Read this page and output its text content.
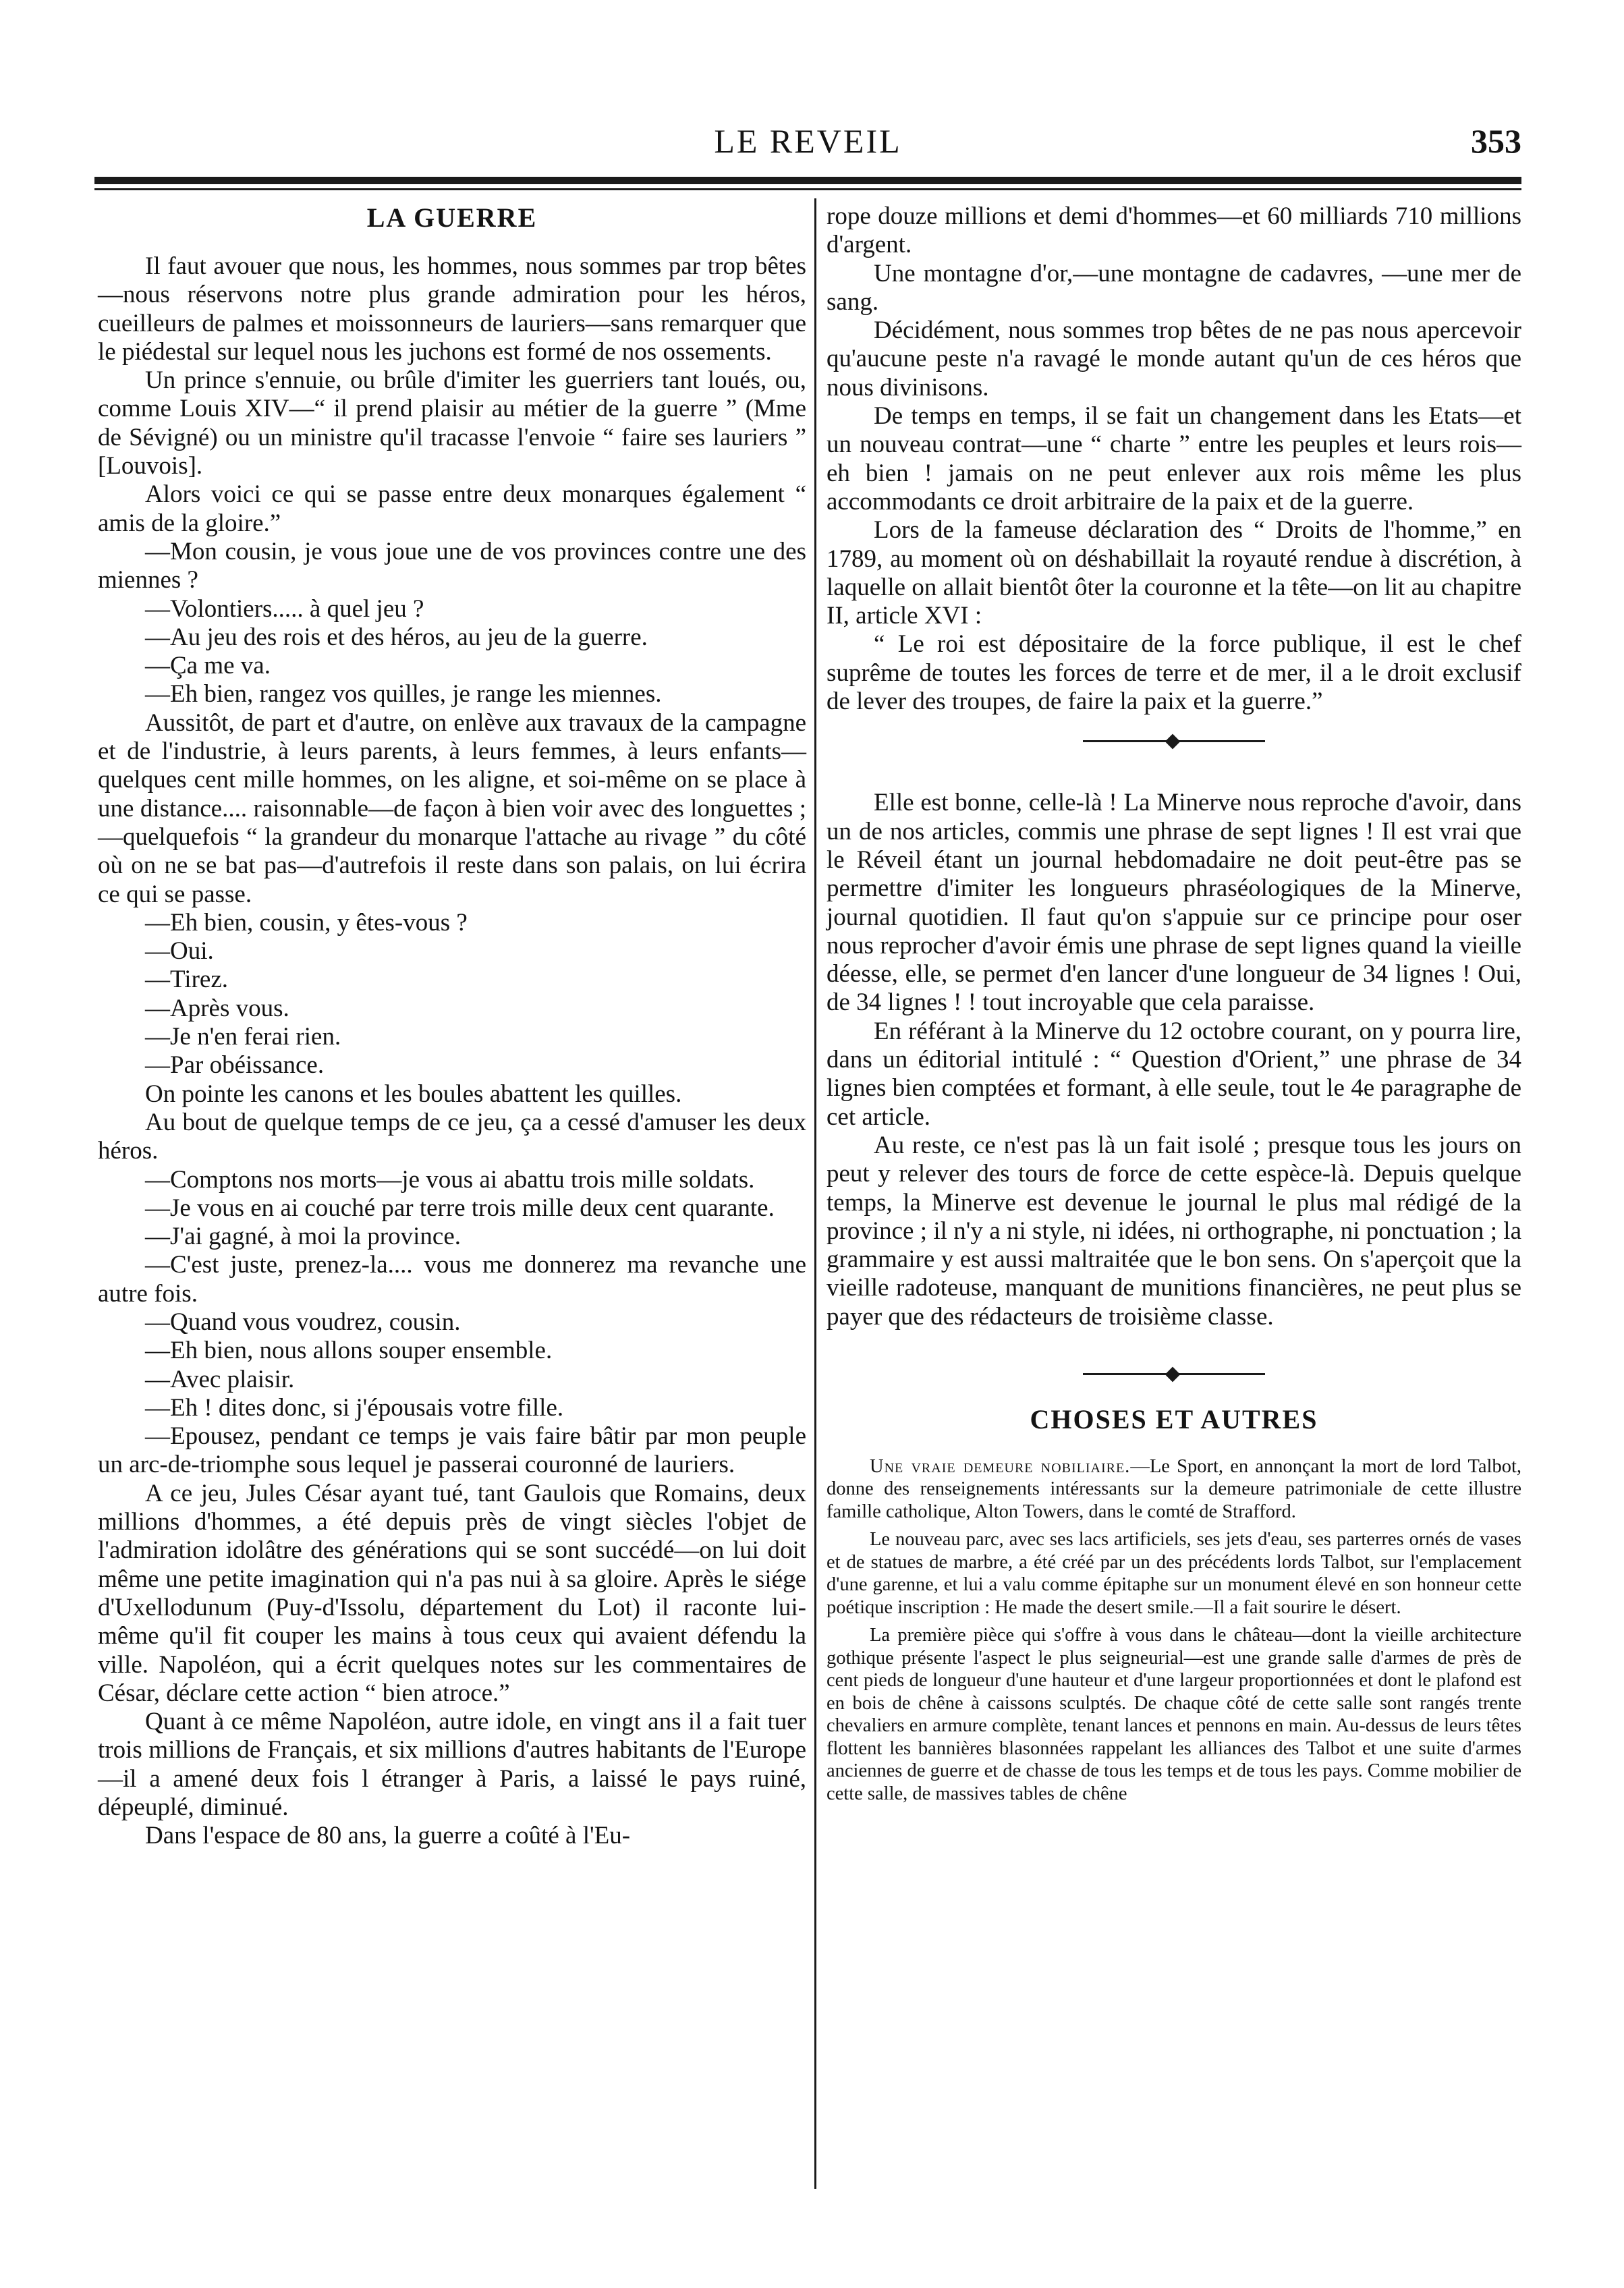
LE REVEIL	353
LA GUERRE

Il faut avouer que nous, les hommes, nous sommes par trop bêtes—nous réservons notre plus grande admiration pour les héros, cueilleurs de palmes et moissonneurs de lauriers—sans remarquer que le piédestal sur lequel nous les juchons est formé de nos ossements.

Un prince s'ennuie, ou brûle d'imiter les guerriers tant loués, ou, comme Louis XIV—“ il prend plaisir au métier de la guerre ” (Mme de Sévigné) ou un ministre qu'il tracasse l'envoie “ faire ses lauriers ” [Louvois].

Alors voici ce qui se passe entre deux monarques également “ amis de la gloire.”

—Mon cousin, je vous joue une de vos provinces contre une des miennes ?

—Volontiers..... à quel jeu ?

—Au jeu des rois et des héros, au jeu de la guerre.

—Ça me va.

—Eh bien, rangez vos quilles, je range les miennes.

Aussitôt, de part et d'autre, on enlève aux travaux de la campagne et de l'industrie, à leurs parents, à leurs femmes, à leurs enfants—quelques cent mille hommes, on les aligne, et soi-même on se place à une distance.... raisonnable—de façon à bien voir avec des longuettes ;—quelquefois “ la grandeur du monarque l'attache au rivage ” du côté où on ne se bat pas—d'autrefois il reste dans son palais, on lui écrira ce qui se passe.

—Eh bien, cousin, y êtes-vous ?

—Oui.

—Tirez.

—Après vous.

—Je n'en ferai rien.

—Par obéissance.

On pointe les canons et les boules abattent les quilles.

Au bout de quelque temps de ce jeu, ça a cessé d'amuser les deux héros.

—Comptons nos morts—je vous ai abattu trois mille soldats.

—Je vous en ai couché par terre trois mille deux cent quarante.

—J'ai gagné, à moi la province.

—C'est juste, prenez-la.... vous me donnerez ma revanche une autre fois.

—Quand vous voudrez, cousin.

—Eh bien, nous allons souper ensemble.

—Avec plaisir.

—Eh ! dites donc, si j'épousais votre fille.

—Epousez, pendant ce temps je vais faire bâtir par mon peuple un arc-de-triomphe sous lequel je passerai couronné de lauriers.

A ce jeu, Jules César ayant tué, tant Gaulois que Romains, deux millions d'hommes, a été depuis près de vingt siècles l'objet de l'admiration idolâtre des générations qui se sont succédé—on lui doit même une petite imagination qui n'a pas nui à sa gloire. Après le siége d'Uxellodunum (Puy-d'Issolu, département du Lot) il raconte lui-même qu'il fit couper les mains à tous ceux qui avaient défendu la ville. Napoléon, qui a écrit quelques notes sur les commentaires de César, déclare cette action “ bien atroce.”

Quant à ce même Napoléon, autre idole, en vingt ans il a fait tuer trois millions de Français, et six millions d'autres habitants de l'Europe—il a amené deux fois l étranger à Paris, a laissé le pays ruiné, dépeuplé, diminué.

Dans l'espace de 80 ans, la guerre a coûté à l'Eu-

rope douze millions et demi d'hommes—et 60 milliards 710 millions d'argent.

Une montagne d'or,—une montagne de cadavres, —une mer de sang.

Décidément, nous sommes trop bêtes de ne pas nous apercevoir qu'aucune peste n'a ravagé le monde autant qu'un de ces héros que nous divinisons.

De temps en temps, il se fait un changement dans les Etats—et un nouveau contrat—une “ charte ” entre les peuples et leurs rois—eh bien ! jamais on ne peut enlever aux rois même les plus accommodants ce droit arbitraire de la paix et de la guerre.

Lors de la fameuse déclaration des “ Droits de l'homme,” en 1789, au moment où on déshabillait la royauté rendue à discrétion, à laquelle on allait bientôt ôter la couronne et la tête—on lit au chapitre II, article XVI :

“ Le roi est dépositaire de la force publique, il est le chef suprême de toutes les forces de terre et de mer, il a le droit exclusif de lever des troupes, de faire la paix et la guerre.”

Elle est bonne, celle-là ! La Minerve nous reproche d'avoir, dans un de nos articles, commis une phrase de sept lignes ! Il est vrai que le Réveil étant un journal hebdomadaire ne doit peut-être pas se permettre d'imiter les longueurs phraséologiques de la Minerve, journal quotidien. Il faut qu'on s'appuie sur ce principe pour oser nous reprocher d'avoir émis une phrase de sept lignes quand la vieille déesse, elle, se permet d'en lancer d'une longueur de 34 lignes ! Oui, de 34 lignes ! ! tout incroyable que cela paraisse.

En référant à la Minerve du 12 octobre courant, on y pourra lire, dans un éditorial intitulé : “ Question d'Orient,” une phrase de 34 lignes bien comptées et formant, à elle seule, tout le 4e paragraphe de cet article.

Au reste, ce n'est pas là un fait isolé ; presque tous les jours on peut y relever des tours de force de cette espèce-là. Depuis quelque temps, la Minerve est devenue le journal le plus mal rédigé de la province ; il n'y a ni style, ni idées, ni orthographe, ni ponctuation ; la grammaire y est aussi maltraitée que le bon sens. On s'aperçoit que la vieille radoteuse, manquant de munitions financières, ne peut plus se payer que des rédacteurs de troisième classe.

CHOSES ET AUTRES

Une vraie demeure nobiliaire.—Le Sport, en annonçant la mort de lord Talbot, donne des renseignements intéressants sur la demeure patrimoniale de cette illustre famille catholique, Alton Towers, dans le comté de Strafford.

Le nouveau parc, avec ses lacs artificiels, ses jets d'eau, ses parterres ornés de vases et de statues de marbre, a été créé par un des précédents lords Talbot, sur l'emplacement d'une garenne, et lui a valu comme épitaphe sur un monument élevé en son honneur cette poétique inscription : He made the desert smile.—Il a fait sourire le désert.

La première pièce qui s'offre à vous dans le château—dont la vieille architecture gothique présente l'aspect le plus seigneurial—est une grande salle d'armes de près de cent pieds de longueur d'une hauteur et d'une largeur proportionnées et dont le plafond est en bois de chêne à caissons sculptés. De chaque côté de cette salle sont rangés trente chevaliers en armure complète, tenant lances et pennons en main. Au-dessus de leurs têtes flottent les bannières blasonnées rappelant les alliances des Talbot et une suite d'armes anciennes de guerre et de chasse de tous les temps et de tous les pays. Comme mobilier de cette salle, de massives tables de chêne
